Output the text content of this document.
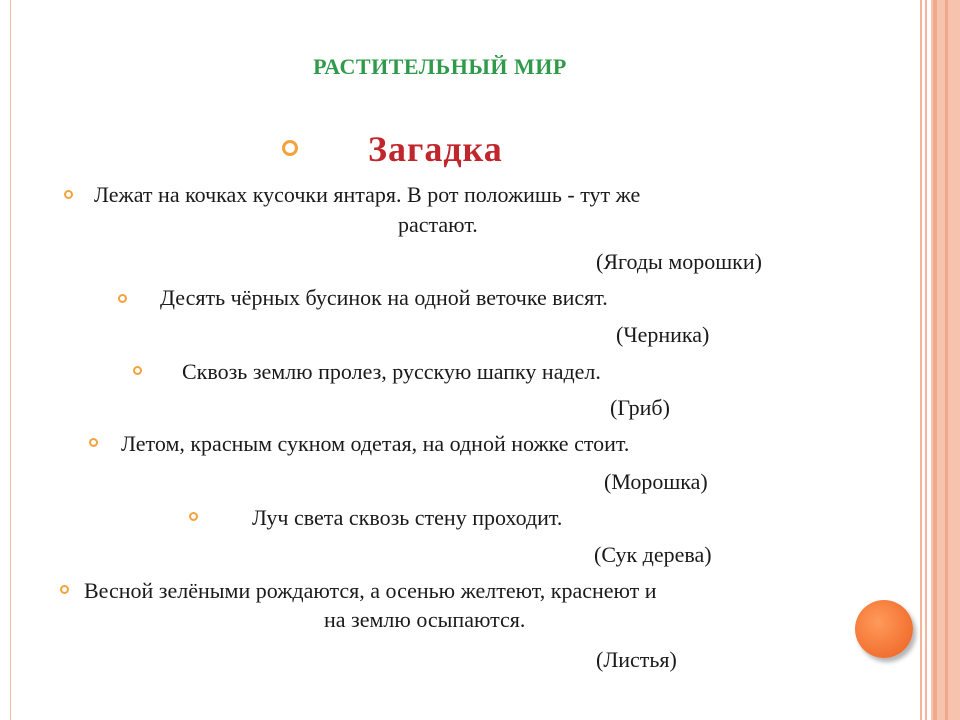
РАСТИТЕЛЬНЫЙ МИР
Загадка
Лежат на кочках кусочки янтаря. В рот положишь - тут же
растают.
(Ягоды морошки)
Десять чёрных бусинок на одной веточке висят.
(Черника)
Сквозь землю пролез, русскую шапку надел.
(Гриб)
Летом, красным сукном одетая, на одной ножке стоит.
(Морошка)
Луч света сквозь стену проходит.
(Сук дерева)
Весной зелёными рождаются, а осенью желтеют, краснеют и
на землю осыпаются.
(Листья)
